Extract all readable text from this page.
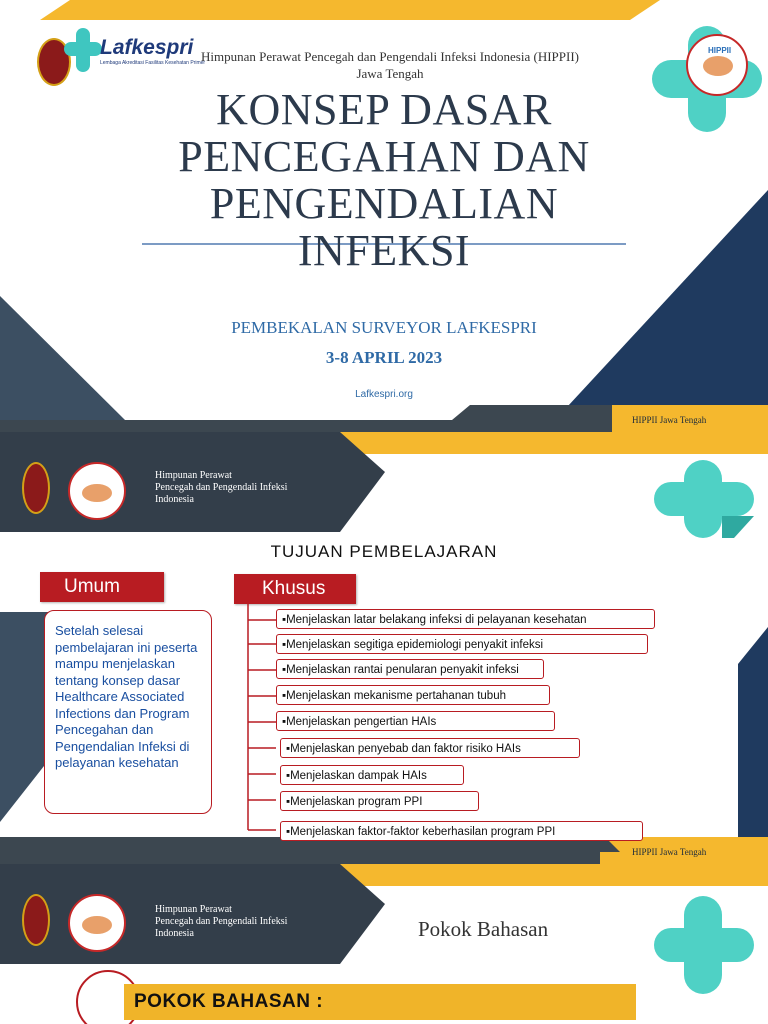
Lafkespri
Lembaga Akreditasi Fasilitas Kesehatan Primer
Himpunan Perawat Pencegah dan Pengendali Infeksi Indonesia (HIPPII)
Jawa Tengah
HIPPII
KONSEP DASAR
PENCEGAHAN DAN
PENGENDALIAN
INFEKSI
PEMBEKALAN SURVEYOR LAFKESPRI
3-8 APRIL 2023
Lafkespri.org
HIPPII Jawa Tengah
Himpunan Perawat
Pencegah dan Pengendali Infeksi
Indonesia
TUJUAN PEMBELAJARAN
Umum
Setelah selesai pembelajaran ini peserta mampu menjelaskan tentang konsep dasar Healthcare Associated Infections dan Program Pencegahan dan Pengendalian Infeksi di pelayanan kesehatan
Khusus
▪Menjelaskan latar belakang infeksi di pelayanan kesehatan
▪Menjelaskan segitiga epidemiologi penyakit infeksi
▪Menjelaskan rantai penularan penyakit infeksi
▪Menjelaskan mekanisme pertahanan tubuh
▪Menjelaskan pengertian HAIs
▪Menjelaskan penyebab dan faktor risiko HAIs
▪Menjelaskan dampak HAIs
▪Menjelaskan program PPI
▪Menjelaskan faktor-faktor keberhasilan program PPI
HIPPII Jawa Tengah
Himpunan Perawat
Pencegah dan Pengendali Infeksi
Indonesia	Pokok Bahasan
POKOK BAHASAN :
